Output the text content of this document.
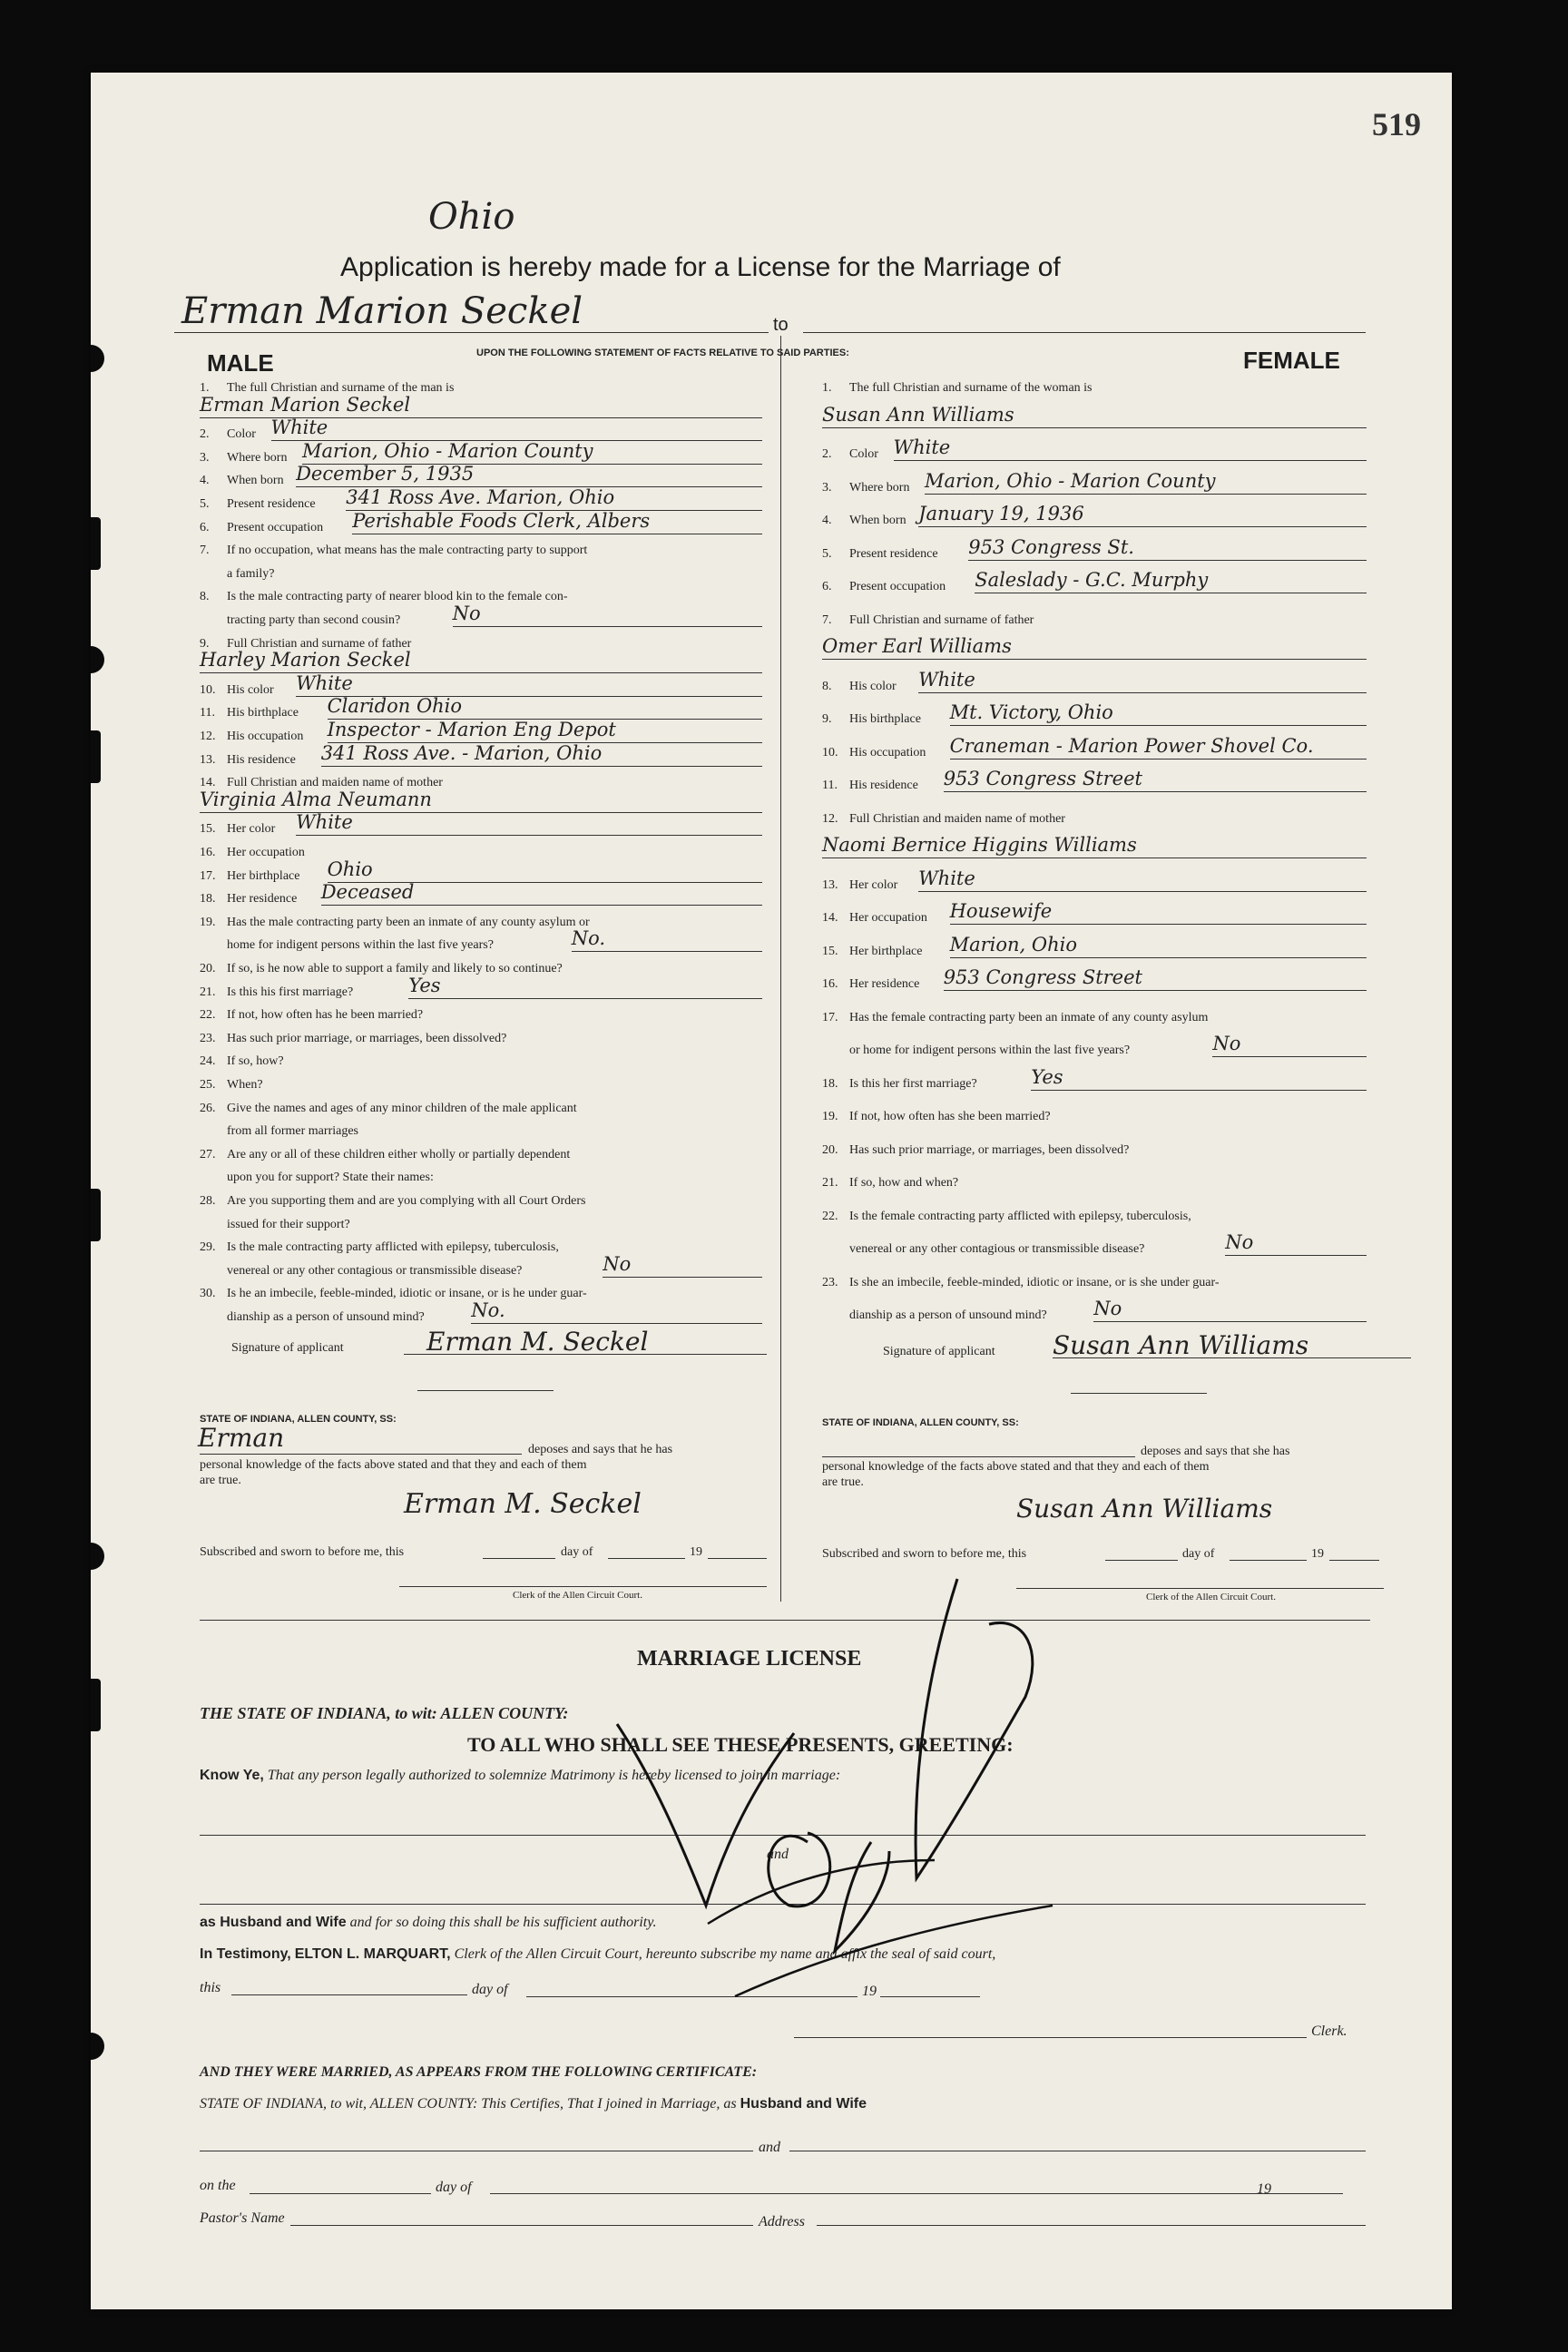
519
Ohio
Application is hereby made for a License for the Marriage of
Erman Marion Seckel	to
MALE	FEMALE
UPON THE FOLLOWING STATEMENT OF FACTS RELATIVE TO SAID PARTIES:
1.The full Christian and surname of the man is
Erman Marion Seckel
2.Color White
3.Where born Marion, Ohio - Marion County
4.When born December 5, 1935
5.Present residence 341 Ross Ave. Marion, Ohio
6.Present occupation Perishable Foods Clerk, Albers
7.If no occupation, what means has the male contracting party to support
a family?
8.Is the male contracting party of nearer blood kin to the female con-
tracting party than second cousin?	No
9.Full Christian and surname of father
Harley Marion Seckel
10.His color White
11.His birthplace Claridon Ohio
12.His occupation Inspector - Marion Eng Depot
13.His residence 341 Ross Ave. - Marion, Ohio
14.Full Christian and maiden name of mother
Virginia Alma Neumann
15.Her color White
16.Her occupation
17.Her birthplace Ohio
18.Her residence Deceased
19.Has the male contracting party been an inmate of any county asylum or
home for indigent persons within the last five years?	No.
20.If so, is he now able to support a family and likely to so continue?
21.Is this his first marriage?	Yes
22.If not, how often has he been married?
23.Has such prior marriage, or marriages, been dissolved?
24.If so, how?
25.When?
26.Give the names and ages of any minor children of the male applicant
from all former marriages
27.Are any or all of these children either wholly or partially dependent
upon you for support? State their names:
28.Are you supporting them and are you complying with all Court Orders
issued for their support?
29.Is the male contracting party afflicted with epilepsy, tuberculosis,
venereal or any other contagious or transmissible disease?	No
30.Is he an imbecile, feeble-minded, idiotic or insane, or is he under guar-
dianship as a person of unsound mind? No.
1.The full Christian and surname of the woman is
Susan Ann Williams
2.Color White
3.Where born Marion, Ohio - Marion County
4.When born January 19, 1936
5.Present residence 953 Congress St.
6.Present occupation Saleslady - G.C. Murphy
7.Full Christian and surname of father
Omer Earl Williams
8.His color White
9.His birthplace Mt. Victory, Ohio
10.His occupation Craneman - Marion Power Shovel Co.
11.His residence 953 Congress Street
12.Full Christian and maiden name of mother
Naomi Bernice Higgins Williams
13.Her color White
14.Her occupation Housewife
15.Her birthplace Marion, Ohio
16.Her residence 953 Congress Street
17.Has the female contracting party been an inmate of any county asylum
or home for indigent persons within the last five years?	No
18.Is this her first marriage?	Yes
19.If not, how often has she been married?
20.Has such prior marriage, or marriages, been dissolved?
21.If so, how and when?
22.Is the female contracting party afflicted with epilepsy, tuberculosis,
venereal or any other contagious or transmissible disease?	No
23.Is she an imbecile, feeble-minded, idiotic or insane, or is she under guar-
dianship as a person of unsound mind? No
Signature of applicant	Erman M. Seckel	Signature of applicant Susan Ann Williams
STATE OF INDIANA, ALLEN COUNTY, SS:
Erman	deposes and says that he has
personal knowledge of the facts above stated and that they and each of them
are true.
Erman M. Seckel
Subscribed and sworn to before me, this	day of	19
Clerk of the Allen Circuit Court.
STATE OF INDIANA, ALLEN COUNTY, SS:
deposes and says that she has
personal knowledge of the facts above stated and that they and each of them
are true.
Susan Ann Williams
Subscribed and sworn to before me, this	day of	19
Clerk of the Allen Circuit Court.
MARRIAGE LICENSE
THE STATE OF INDIANA, to wit: ALLEN COUNTY:
TO ALL WHO SHALL SEE THESE PRESENTS, GREETING:
Know Ye, That any person legally authorized to solemnize Matrimony is hereby licensed to join in marriage:
and
as Husband and Wife and for so doing this shall be his sufficient authority.
In Testimony, ELTON L. MARQUART, Clerk of the Allen Circuit Court, hereunto subscribe my name and affix the seal of said court,
this	day of	19
Clerk.
AND THEY WERE MARRIED, AS APPEARS FROM THE FOLLOWING CERTIFICATE:
STATE OF INDIANA, to wit, ALLEN COUNTY: This Certifies, That I joined in Marriage, as Husband and Wife
and
on the	day of	19
Pastor's Name	Address
